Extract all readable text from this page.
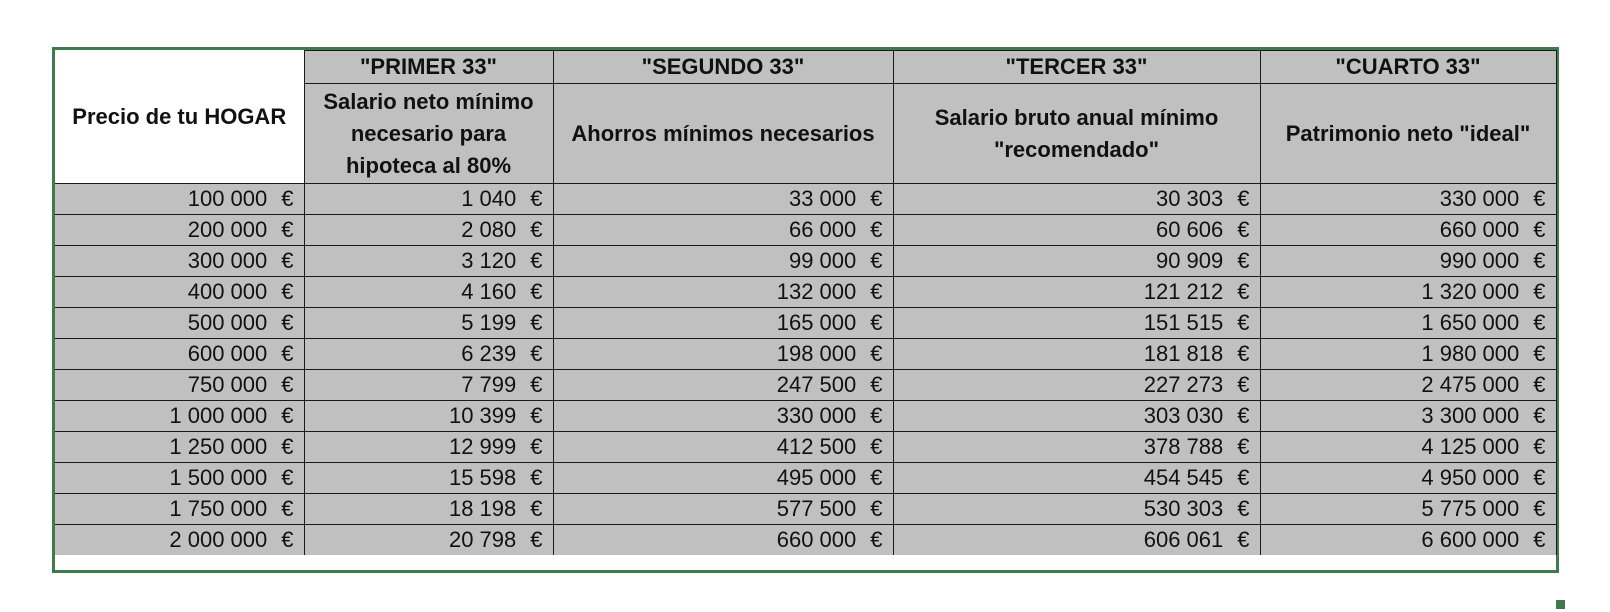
Precio de tu HOGAR	"PRIMER 33"	"SEGUNDO 33"	"TERCER 33"	"CUARTO 33"
	Salario neto mínimo necesario para hipoteca al 80%	Ahorros mínimos necesarios	Salario bruto anual mínimo "recomendado"	Patrimonio neto "ideal"
100 000 €	1 040 €	33 000 €	30 303 €	330 000 €
200 000 €	2 080 €	66 000 €	60 606 €	660 000 €
300 000 €	3 120 €	99 000 €	90 909 €	990 000 €
400 000 €	4 160 €	132 000 €	121 212 €	1 320 000 €
500 000 €	5 199 €	165 000 €	151 515 €	1 650 000 €
600 000 €	6 239 €	198 000 €	181 818 €	1 980 000 €
750 000 €	7 799 €	247 500 €	227 273 €	2 475 000 €
1 000 000 €	10 399 €	330 000 €	303 030 €	3 300 000 €
1 250 000 €	12 999 €	412 500 €	378 788 €	4 125 000 €
1 500 000 €	15 598 €	495 000 €	454 545 €	4 950 000 €
1 750 000 €	18 198 €	577 500 €	530 303 €	5 775 000 €
2 000 000 €	20 798 €	660 000 €	606 061 €	6 600 000 €
